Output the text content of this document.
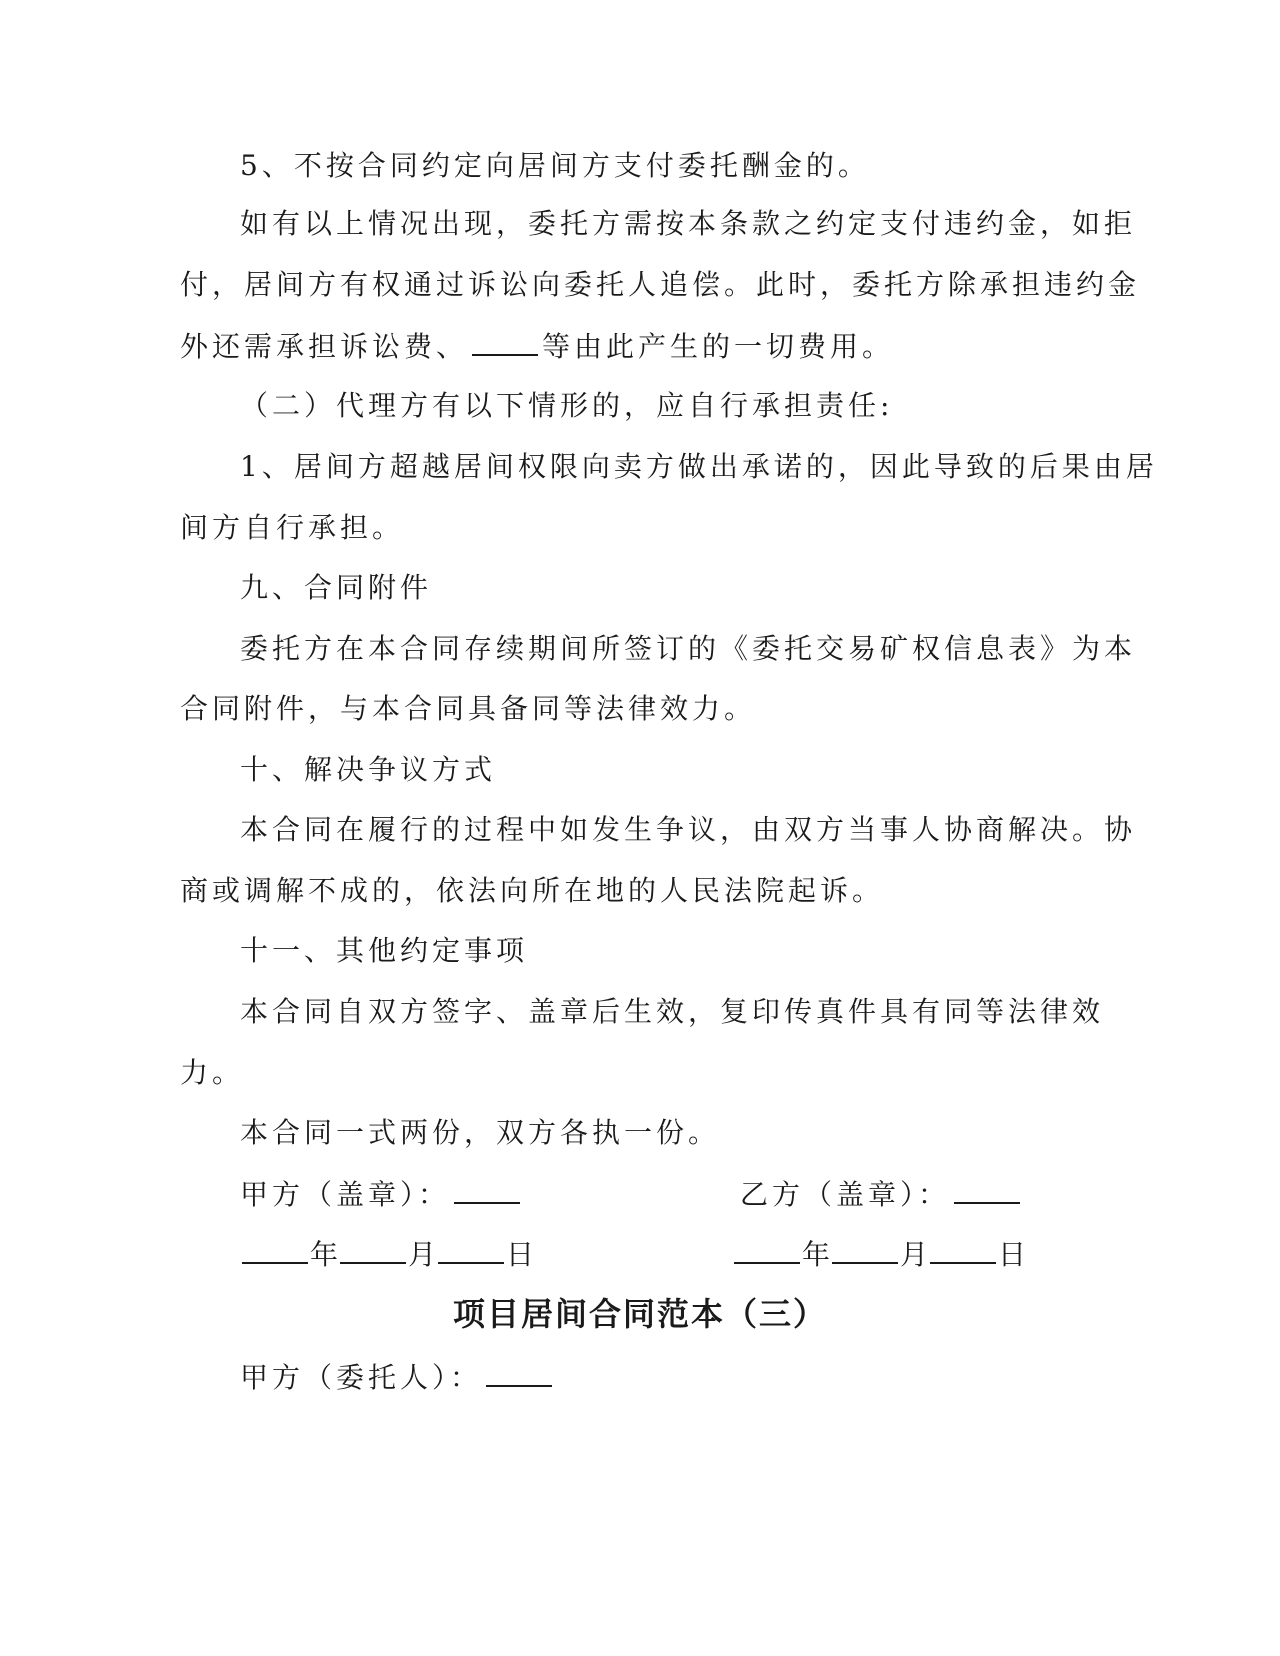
5、不按合同约定向居间方支付委托酬金的。

如有以上情况出现，委托方需按本条款之约定支付违约金，如拒

付，居间方有权通过诉讼向委托人追偿。此时，委托方除承担违约金

外还需承担诉讼费、	等由此产生的一切费用。

（二）代理方有以下情形的，应自行承担责任:

1、居间方超越居间权限向卖方做出承诺的，因此导致的后果由居

间方自行承担。

九、合同附件

委托方在本合同存续期间所签订的《委托交易矿权信息表》为本

合同附件，与本合同具备同等法律效力。

十、解决争议方式

本合同在履行的过程中如发生争议，由双方当事人协商解决。协

商或调解不成的，依法向所在地的人民法院起诉。

十一、其他约定事项

本合同自双方签字、盖章后生效，复印传真件具有同等法律效

力。

本合同一式两份，双方各执一份。

甲方（盖章）：	乙方（盖章）：

年	月	日	年	月	日

项目居间合同范本（三）

甲方（委托人）：
